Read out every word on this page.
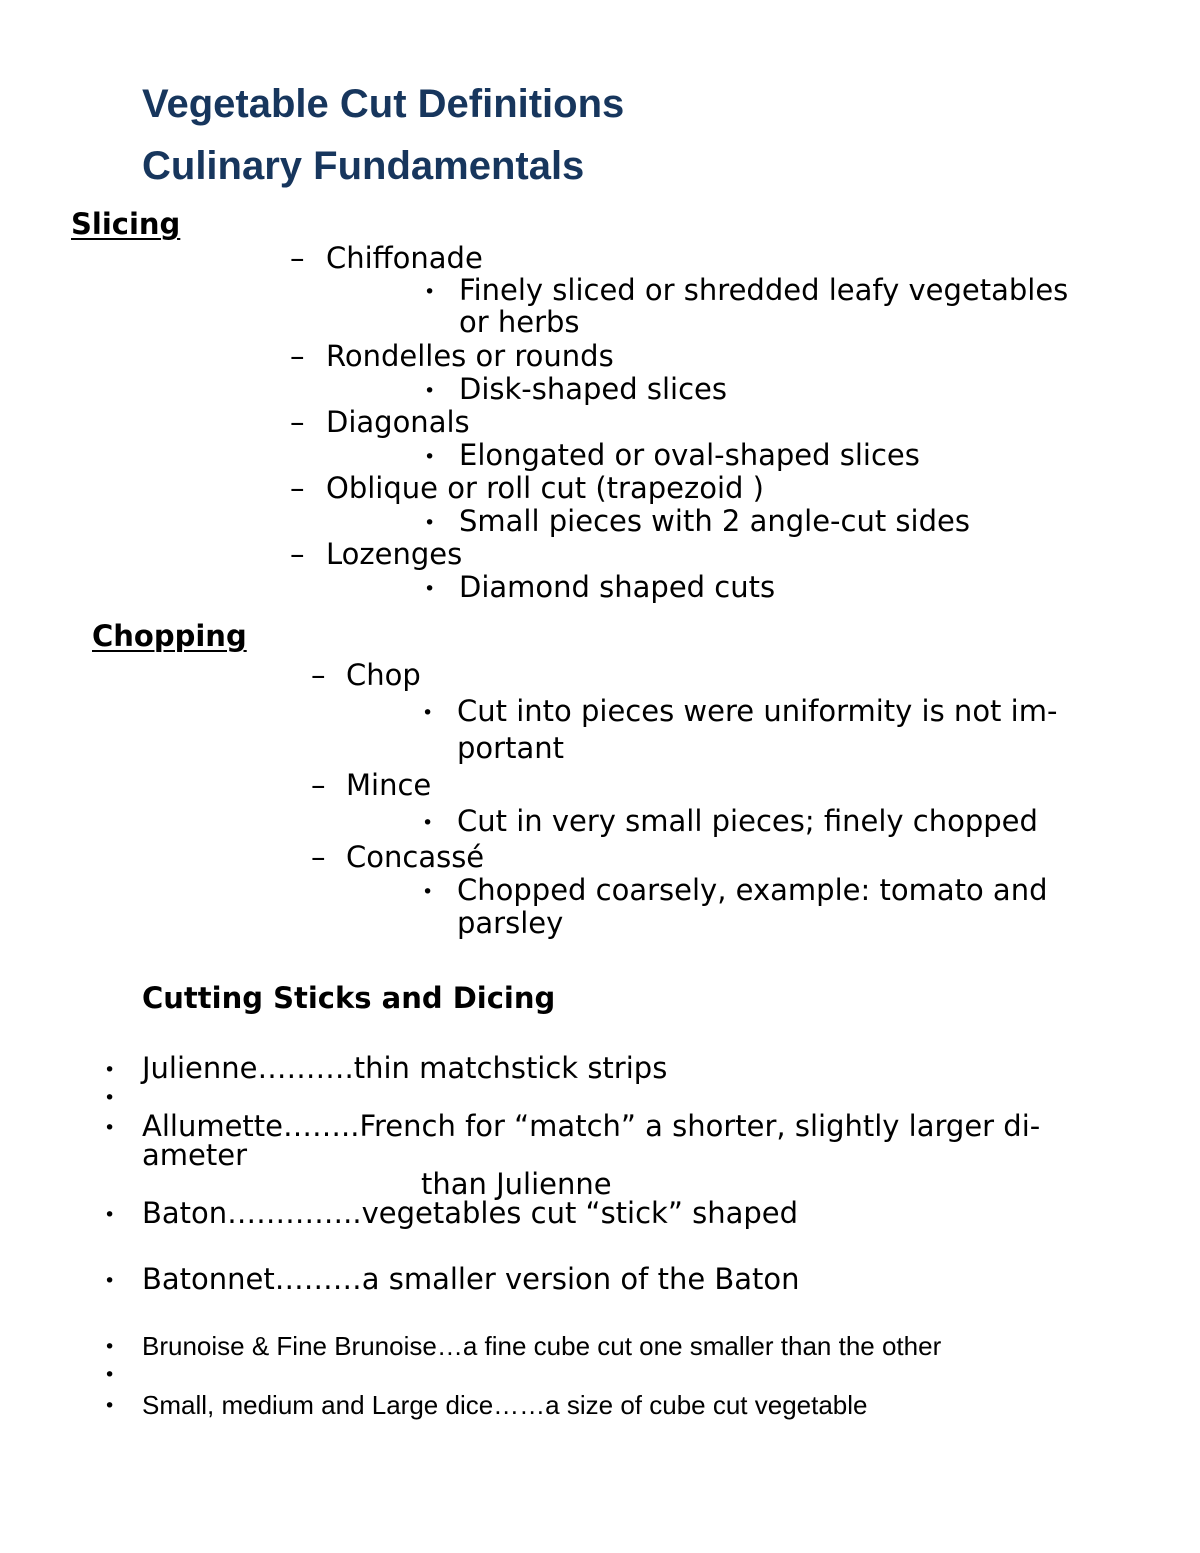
Vegetable Cut Definitions
Culinary Fundamentals
Slicing
– Chiffonade
• Finely sliced or shredded leafy vegetables
or herbs
– Rondelles or rounds
• Disk-shaped slices
– Diagonals
• Elongated or oval-shaped slices
– Oblique or roll cut (trapezoid )
• Small pieces with 2 angle-cut sides
– Lozenges
• Diamond shaped cuts
Chopping
– Chop
• Cut into pieces were uniformity is not im-
portant
– Mince
• Cut in very small pieces; finely chopped
– Concassé
• Chopped coarsely, example: tomato and
parsley
Cutting Sticks and Dicing
• Julienne……….thin matchstick strips
•
• Allumette……..French for “match” a shorter, slightly larger di-
ameter
than Julienne
• Baton…………..vegetables cut “stick” shaped
• Batonnet………a smaller version of the Baton
• Brunoise & Fine Brunoise…a fine cube cut one smaller than the other
•
• Small, medium and Large dice……a size of cube cut vegetable
